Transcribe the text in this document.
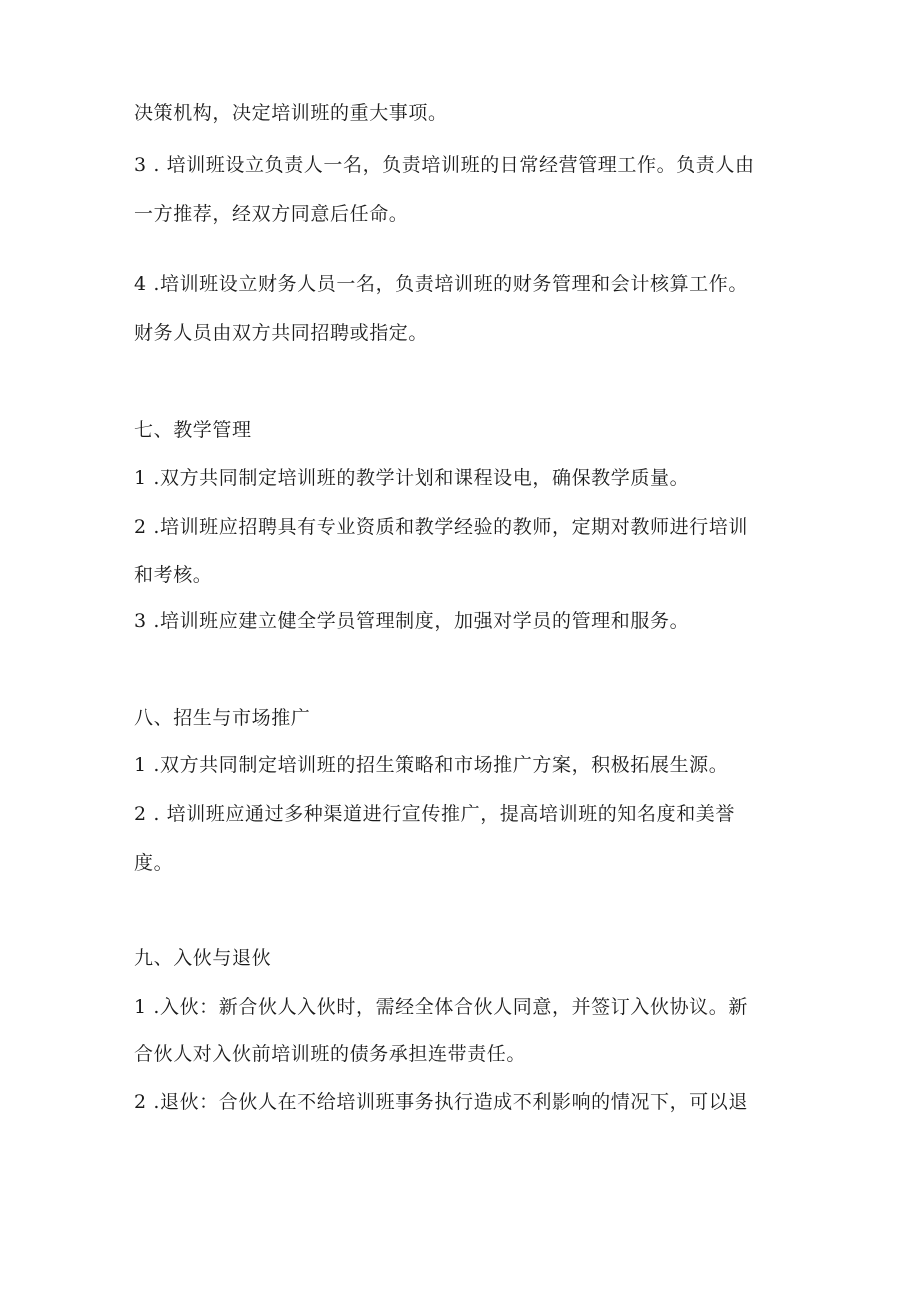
决策机构，决定培训班的重大事项。
3 . 培训班设立负责人一名，负责培训班的日常经营管理工作。负责人由
一方推荐，经双方同意后任命。
4 .培训班设立财务人员一名，负责培训班的财务管理和会计核算工作。
财务人员由双方共同招聘或指定。
七、教学管理
1 .双方共同制定培训班的教学计划和课程设电，确保教学质量。
2 .培训班应招聘具有专业资质和教学经验的教师，定期对教师进行培训
和考核。
3 .培训班应建立健全学员管理制度，加强对学员的管理和服务。
八、招生与市场推广
1 .双方共同制定培训班的招生策略和市场推广方案，积极拓展生源。
2 . 培训班应通过多种渠道进行宣传推广，提高培训班的知名度和美誉
度。
九、入伙与退伙
1 .入伙：新合伙人入伙时，需经全体合伙人同意，并签订入伙协议。新
合伙人对入伙前培训班的债务承担连带责任。
2 .退伙：合伙人在不给培训班事务执行造成不利影响的情况下，可以退
